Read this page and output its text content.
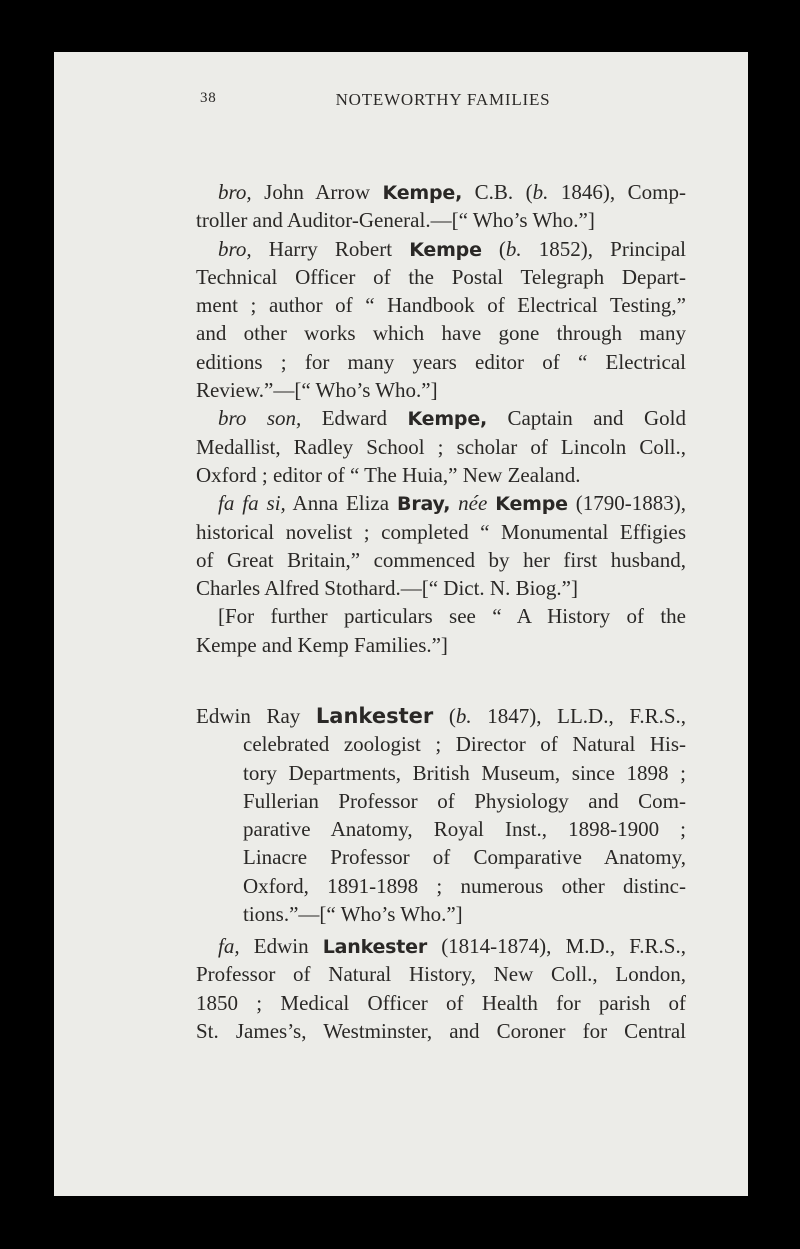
38	NOTEWORTHY FAMILIES
bro, John Arrow Kempe, C.B. (b. 1846), Comp-
troller and Auditor-General.—[“ Who’s Who.”]
bro, Harry Robert Kempe (b. 1852), Principal
Technical Officer of the Postal Telegraph Depart-
ment ; author of “ Handbook of Electrical Testing,”
and other works which have gone through many
editions ; for many years editor of “ Electrical
Review.”—[“ Who’s Who.”]
bro son, Edward Kempe, Captain and Gold
Medallist, Radley School ; scholar of Lincoln Coll.,
Oxford ; editor of “ The Huia,” New Zealand.
fa fa si, Anna Eliza Bray, née Kempe (1790-1883),
historical novelist ; completed “ Monumental Effigies
of Great Britain,” commenced by her first husband,
Charles Alfred Stothard.—[“ Dict. N. Biog.”]
[For further particulars see “ A History of the
Kempe and Kemp Families.”]
Edwin Ray Lankester (b. 1847), LL.D., F.R.S.,
celebrated zoologist ; Director of Natural His-
tory Departments, British Museum, since 1898 ;
Fullerian Professor of Physiology and Com-
parative Anatomy, Royal Inst., 1898-1900 ;
Linacre Professor of Comparative Anatomy,
Oxford, 1891-1898 ; numerous other distinc-
tions.”—[“ Who’s Who.”]
fa, Edwin Lankester (1814-1874), M.D., F.R.S.,
Professor of Natural History, New Coll., London,
1850 ; Medical Officer of Health for parish of
St. James’s, Westminster, and Coroner for Central
